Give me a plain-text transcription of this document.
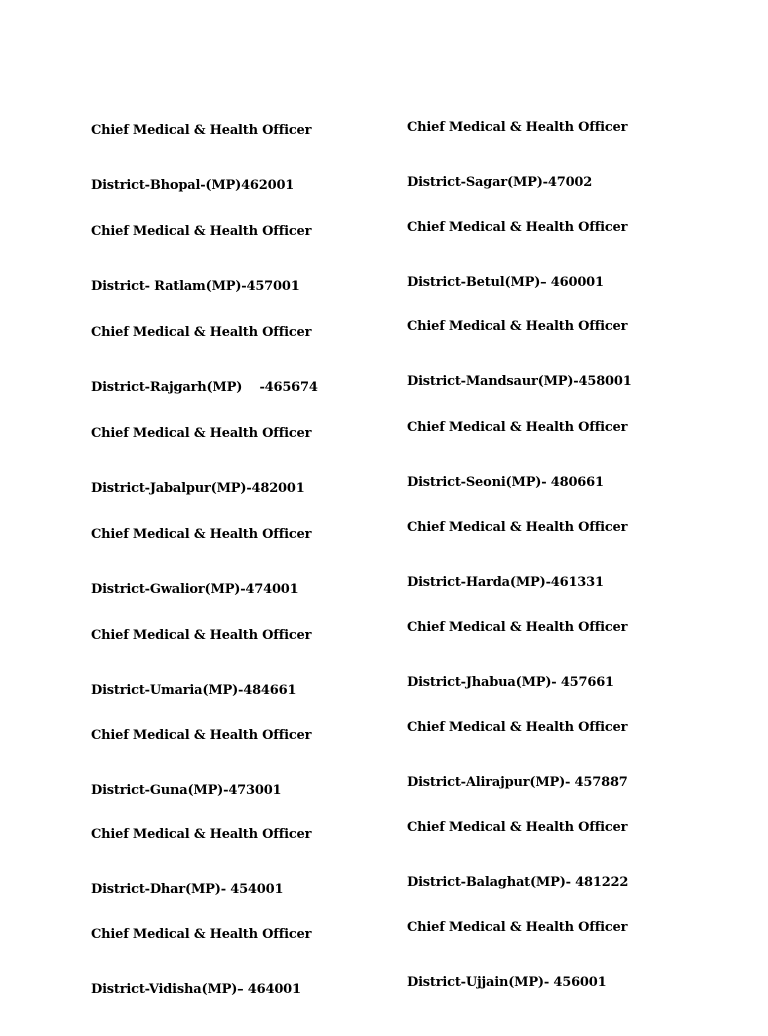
Chief Medical & Health Officer

District-Bhopal-(MP)462001

Chief Medical & Health Officer

District- Ratlam(MP)-457001

Chief Medical & Health Officer

District-Rajgarh(MP)    -465674

Chief Medical & Health Officer

District-Jabalpur(MP)-482001

Chief Medical & Health Officer

District-Gwalior(MP)-474001

Chief Medical & Health Officer

District-Umaria(MP)-484661

Chief Medical & Health Officer

District-Guna(MP)-473001

Chief Medical & Health Officer

District-Dhar(MP)- 454001

Chief Medical & Health Officer

District-Vidisha(MP)– 464001

Chief Medical & Health Officer

District-Sagar(MP)-47002

Chief Medical & Health Officer

District-Betul(MP)– 460001

Chief Medical & Health Officer

District-Mandsaur(MP)-458001

Chief Medical & Health Officer

District-Seoni(MP)- 480661

Chief Medical & Health Officer

District-Harda(MP)-461331

Chief Medical & Health Officer

District-Jhabua(MP)- 457661

Chief Medical & Health Officer

District-Alirajpur(MP)- 457887

Chief Medical & Health Officer

District-Balaghat(MP)- 481222

Chief Medical & Health Officer

District-Ujjain(MP)- 456001
